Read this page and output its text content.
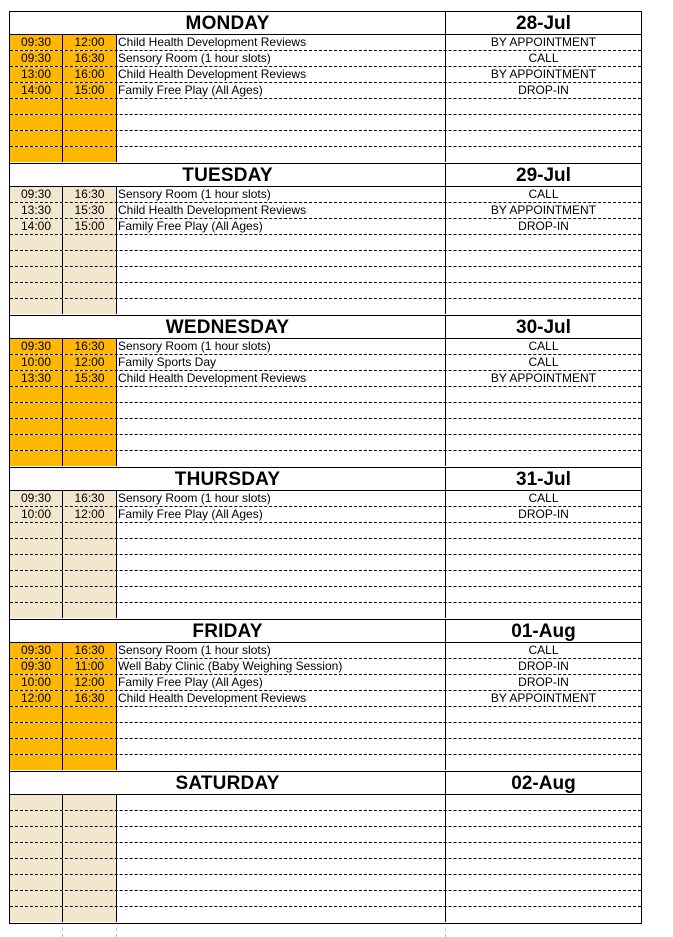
MONDAY	28-Jul
09:30	12:00	Child Health Development Reviews	BY APPOINTMENT
09:30	16:30	Sensory Room (1 hour slots)	CALL
13:00	16:00	Child Health Development Reviews	BY APPOINTMENT
14:00	15:00	Family Free Play (All Ages)	DROP-IN
TUESDAY	29-Jul
09:30	16:30	Sensory Room (1 hour slots)	CALL
13:30	15:30	Child Health Development Reviews	BY APPOINTMENT
14:00	15:00	Family Free Play (All Ages)	DROP-IN
WEDNESDAY	30-Jul
09:30	16:30	Sensory Room (1 hour slots)	CALL
10:00	12:00	Family Sports Day	CALL
13:30	15:30	Child Health Development Reviews	BY APPOINTMENT
THURSDAY	31-Jul
09:30	16:30	Sensory Room (1 hour slots)	CALL
10:00	12:00	Family Free Play (All Ages)	DROP-IN
FRIDAY	01-Aug
09:30	16:30	Sensory Room (1 hour slots)	CALL
09:30	11:00	Well Baby Clinic (Baby Weighing Session)	DROP-IN
10:00	12:00	Family Free Play (All Ages)	DROP-IN
12:00	16:30	Child Health Development Reviews	BY APPOINTMENT
SATURDAY	02-Aug
